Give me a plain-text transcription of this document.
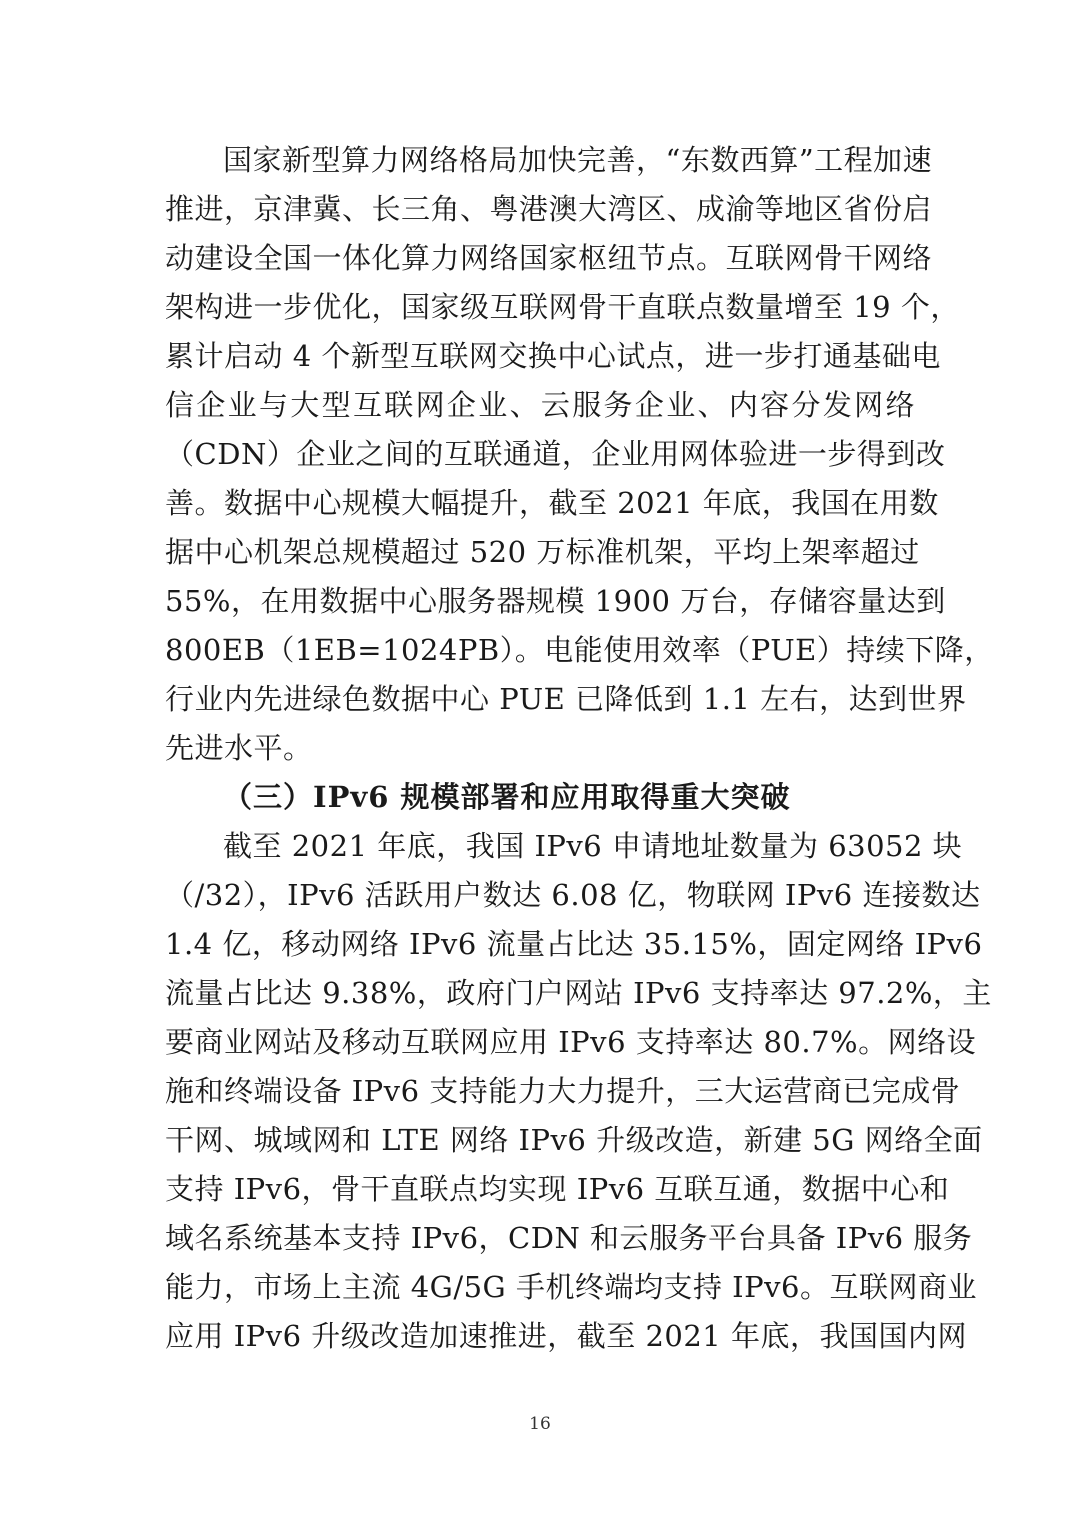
国家新型算力网络格局加快完善，“东数西算”工程加速
推进，京津冀、长三角、粤港澳大湾区、成渝等地区省份启
动建设全国一体化算力网络国家枢纽节点。互联网骨干网络
架构进一步优化，国家级互联网骨干直联点数量增至 19 个，
累计启动 4 个新型互联网交换中心试点，进一步打通基础电
信企业与大型互联网企业、云服务企业、内容分发网络
（CDN）企业之间的互联通道，企业用网体验进一步得到改
善。数据中心规模大幅提升，截至 2021 年底，我国在用数
据中心机架总规模超过 520 万标准机架，平均上架率超过
55%，在用数据中心服务器规模 1900 万台，存储容量达到
800EB（1EB=1024PB）。电能使用效率（PUE）持续下降，
行业内先进绿色数据中心 PUE 已降低到 1.1 左右，达到世界
先进水平。
（三）IPv6 规模部署和应用取得重大突破
截至 2021 年底，我国 IPv6 申请地址数量为 63052 块
（/32），IPv6 活跃用户数达 6.08 亿，物联网 IPv6 连接数达
1.4 亿，移动网络 IPv6 流量占比达 35.15%，固定网络 IPv6
流量占比达 9.38%，政府门户网站 IPv6 支持率达 97.2%，主
要商业网站及移动互联网应用 IPv6 支持率达 80.7%。网络设
施和终端设备 IPv6 支持能力大力提升，三大运营商已完成骨
干网、城域网和 LTE 网络 IPv6 升级改造，新建 5G 网络全面
支持 IPv6，骨干直联点均实现 IPv6 互联互通，数据中心和
域名系统基本支持 IPv6，CDN 和云服务平台具备 IPv6 服务
能力，市场上主流 4G/5G 手机终端均支持 IPv6。互联网商业
应用 IPv6 升级改造加速推进，截至 2021 年底，我国国内网
16
